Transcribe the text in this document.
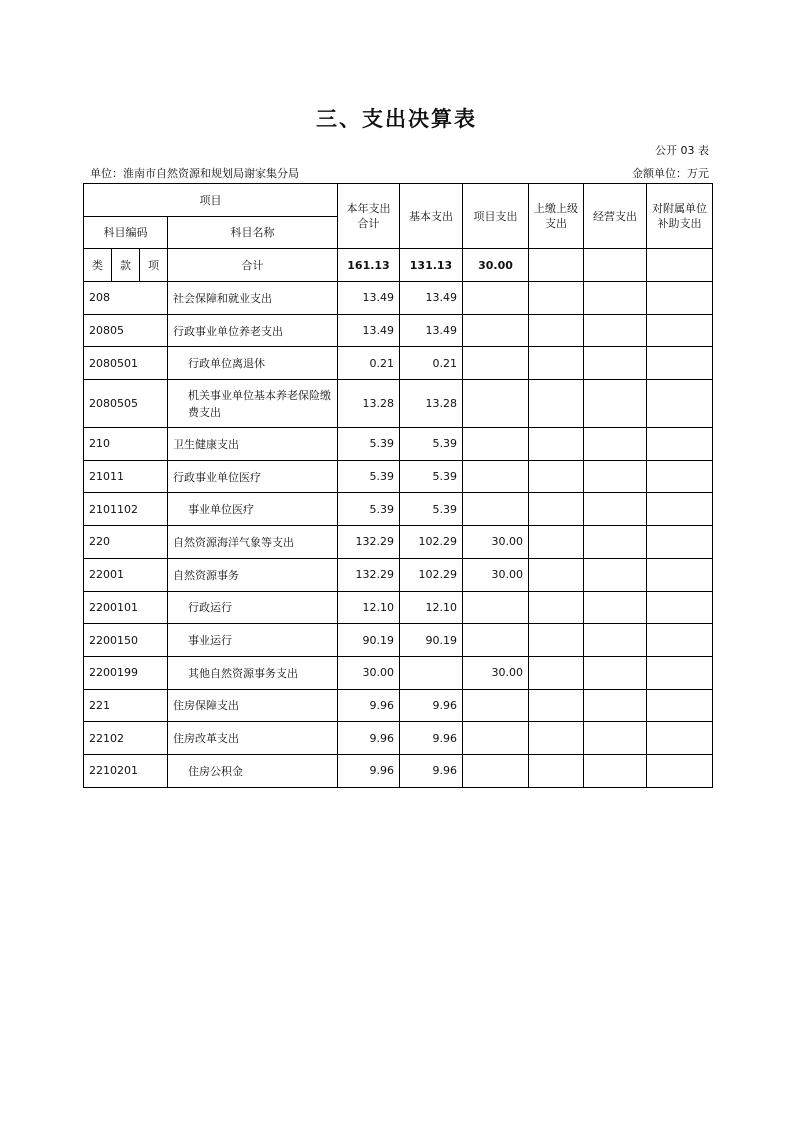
三、支出决算表
公开 03 表
单位：淮南市自然资源和规划局谢家集分局	金额单位：万元
项目				本年支出合计	基本支出	项目支出	上缴上级支出	经营支出	对附属单位补助支出
科目编码			科目名称						
类	款	项	合计	161.13	131.13	30.00			
208			社会保障和就业支出	13.49	13.49				
20805			行政事业单位养老支出	13.49	13.49				
2080501			行政单位离退休	0.21	0.21				
2080505			机关事业单位基本养老保险缴费支出	13.28	13.28				
210			卫生健康支出	5.39	5.39				
21011			行政事业单位医疗	5.39	5.39				
2101102			事业单位医疗	5.39	5.39				
220			自然资源海洋气象等支出	132.29	102.29	30.00			
22001			自然资源事务	132.29	102.29	30.00			
2200101			行政运行	12.10	12.10				
2200150			事业运行	90.19	90.19				
2200199			其他自然资源事务支出	30.00		30.00			
221			住房保障支出	9.96	9.96				
22102			住房改革支出	9.96	9.96				
2210201			住房公积金	9.96	9.96				
